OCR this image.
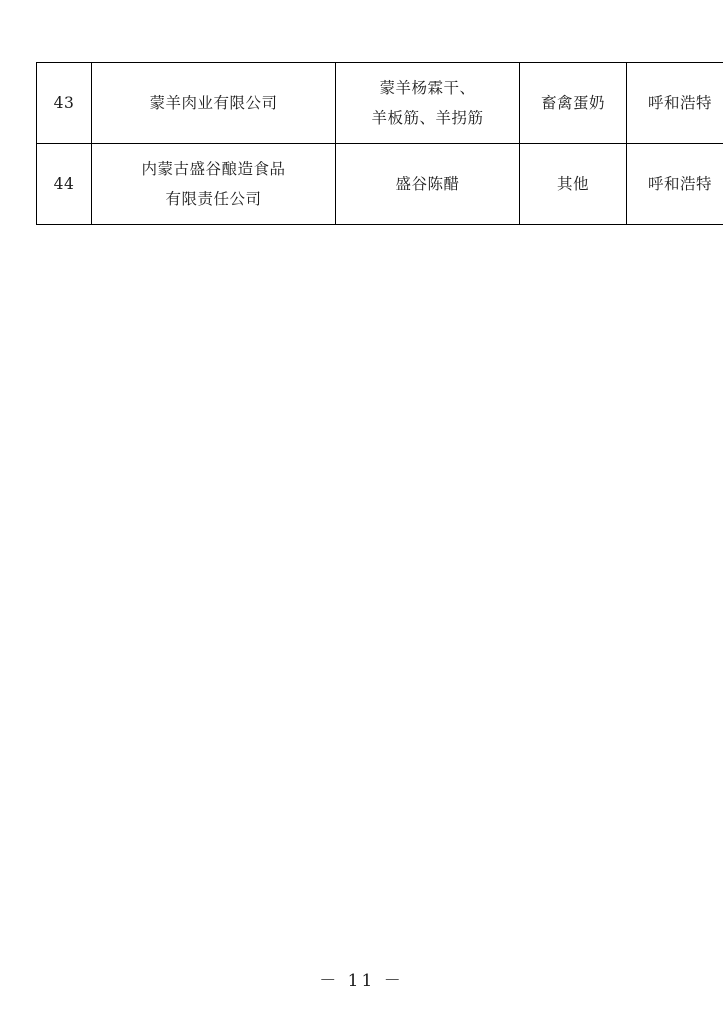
43	蒙羊肉业有限公司	蒙羊杨霖干、
羊板筋、羊拐筋	畜禽蛋奶	呼和浩特
44	内蒙古盛谷酿造食品
有限责任公司	盛谷陈醋	其他	呼和浩特
－ 11 －
